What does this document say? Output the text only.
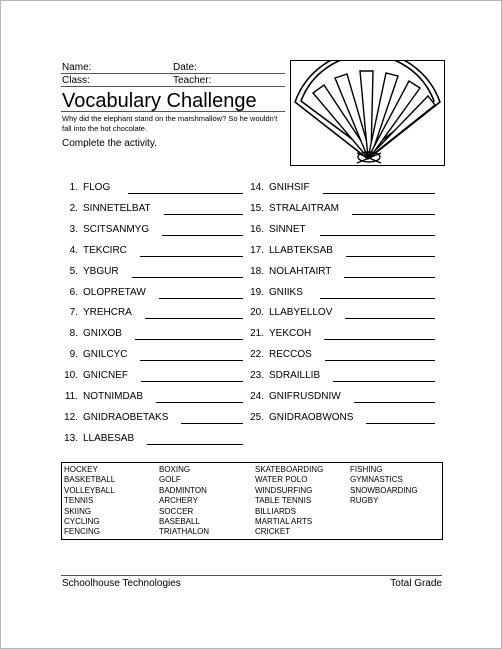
Name:	Date:
Class:	Teacher:
Vocabulary Challenge
Why did the elephant stand on the marshmallow? So he wouldn't fall into the hot chocolate.
Complete the activity.
1. FLOG
2. SINNETELBAT
3. SCITSANMYG
4. TEKCIRC
5. YBGUR
6. OLOPRETAW
7. YREHCRA
8. GNIXOB
9. GNILCYC
10. GNICNEF
11. NOTNIMDAB
12. GNIDRAOBETAKS
13. LLABESAB
14. GNIHSIF
15. STRALAITRAM
16. SINNET
17. LLABTEKSAB
18. NOLAHTAIRT
19. GNIIKS
20. LLABYELLOV
21. YEKCOH
22. RECCOS
23. SDRAILLIB
24. GNIFRUSDNIW
25. GNIDRAOBWONS
HOCKEY
BASKETBALL
VOLLEYBALL
TENNIS
SKIING
CYCLING
FENCING
BOXING
GOLF
BADMINTON
ARCHERY
SOCCER
BASEBALL
TRIATHALON
SKATEBOARDING
WATER POLO
WINDSURFING
TABLE TENNIS
BILLIARDS
MARTIAL ARTS
CRICKET
FISHING
GYMNASTICS
SNOWBOARDING
RUGBY
Schoolhouse Technologies	Total Grade
